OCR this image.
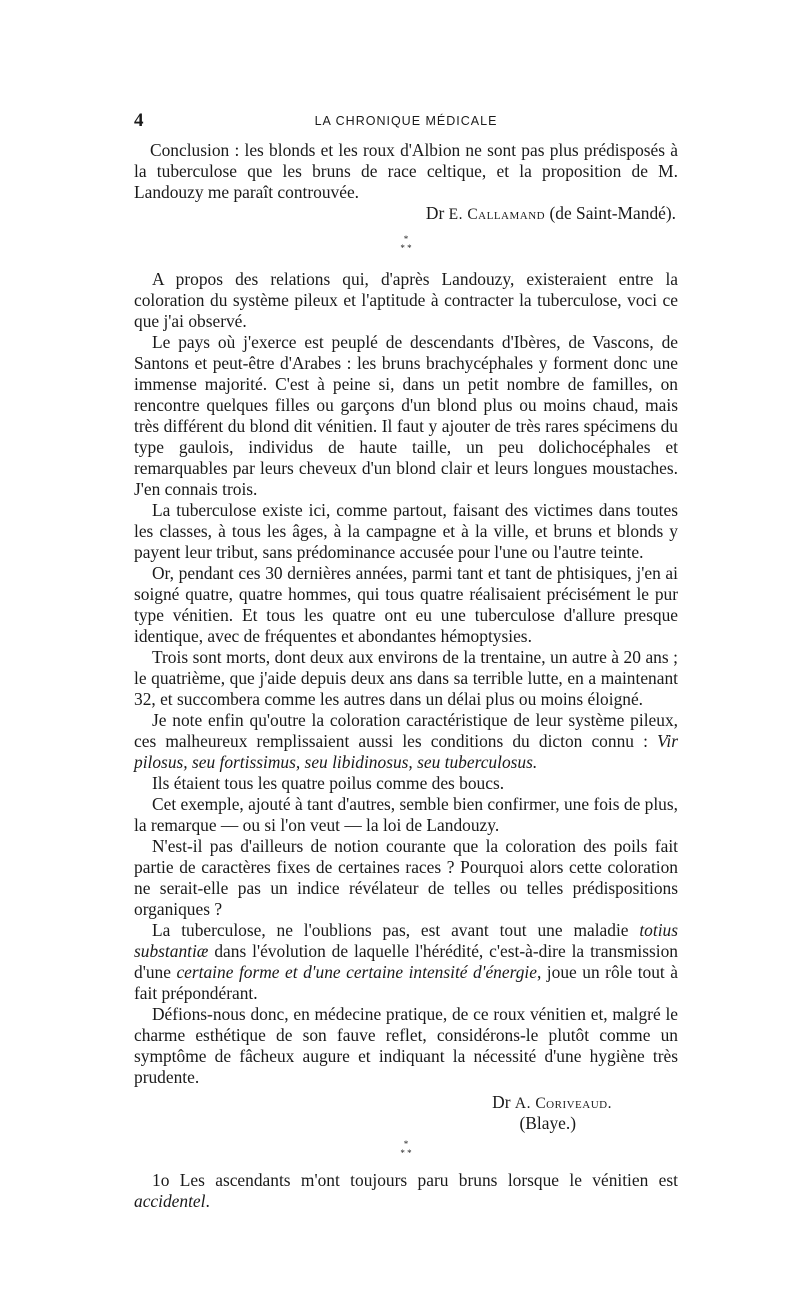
4	LA CHRONIQUE MÉDICALE

Conclusion : les blonds et les roux d'Albion ne sont pas plus prédisposés à la tuberculose que les bruns de race celtique, et la proposition de M. Landouzy me paraît controuvée.

Dr E. Callamand (de Saint-Mandé).

*
* *

A propos des relations qui, d'après Landouzy, existeraient entre la coloration du système pileux et l'aptitude à contracter la tuberculose, voci ce que j'ai observé.

Le pays où j'exerce est peuplé de descendants d'Ibères, de Vascons, de Santons et peut-être d'Arabes : les bruns brachycéphales y forment donc une immense majorité. C'est à peine si, dans un petit nombre de familles, on rencontre quelques filles ou garçons d'un blond plus ou moins chaud, mais très différent du blond dit vénitien. Il faut y ajouter de très rares spécimens du type gaulois, individus de haute taille, un peu dolichocéphales et remarquables par leurs cheveux d'un blond clair et leurs longues moustaches. J'en connais trois.

La tuberculose existe ici, comme partout, faisant des victimes dans toutes les classes, à tous les âges, à la campagne et à la ville, et bruns et blonds y payent leur tribut, sans prédominance accusée pour l'une ou l'autre teinte.

Or, pendant ces 30 dernières années, parmi tant et tant de phtisiques, j'en ai soigné quatre, quatre hommes, qui tous quatre réalisaient précisément le pur type vénitien. Et tous les quatre ont eu une tuberculose d'allure presque identique, avec de fréquentes et abondantes hémoptysies.

Trois sont morts, dont deux aux environs de la trentaine, un autre à 20 ans ; le quatrième, que j'aide depuis deux ans dans sa terrible lutte, en a maintenant 32, et succombera comme les autres dans un délai plus ou moins éloigné.

Je note enfin qu'outre la coloration caractéristique de leur système pileux, ces malheureux remplissaient aussi les conditions du dicton connu : Vir pilosus, seu fortissimus, seu libidinosus, seu tuberculosus.

Ils étaient tous les quatre poilus comme des boucs.

Cet exemple, ajouté à tant d'autres, semble bien confirmer, une fois de plus, la remarque — ou si l'on veut — la loi de Landouzy.

N'est-il pas d'ailleurs de notion courante que la coloration des poils fait partie de caractères fixes de certaines races ? Pourquoi alors cette coloration ne serait-elle pas un indice révélateur de telles ou telles prédispositions organiques ?

La tuberculose, ne l'oublions pas, est avant tout une maladie totius substantiæ dans l'évolution de laquelle l'hérédité, c'est-à-dire la transmission d'une certaine forme et d'une certaine intensité d'énergie, joue un rôle tout à fait prépondérant.

Défions-nous donc, en médecine pratique, de ce roux vénitien et, malgré le charme esthétique de son fauve reflet, considérons-le plutôt comme un symptôme de fâcheux augure et indiquant la nécessité d'une hygiène très prudente.

Dr A. Coriveaud.
(Blaye.)
*
* *

1o Les ascendants m'ont toujours paru bruns lorsque le vénitien est accidentel.
